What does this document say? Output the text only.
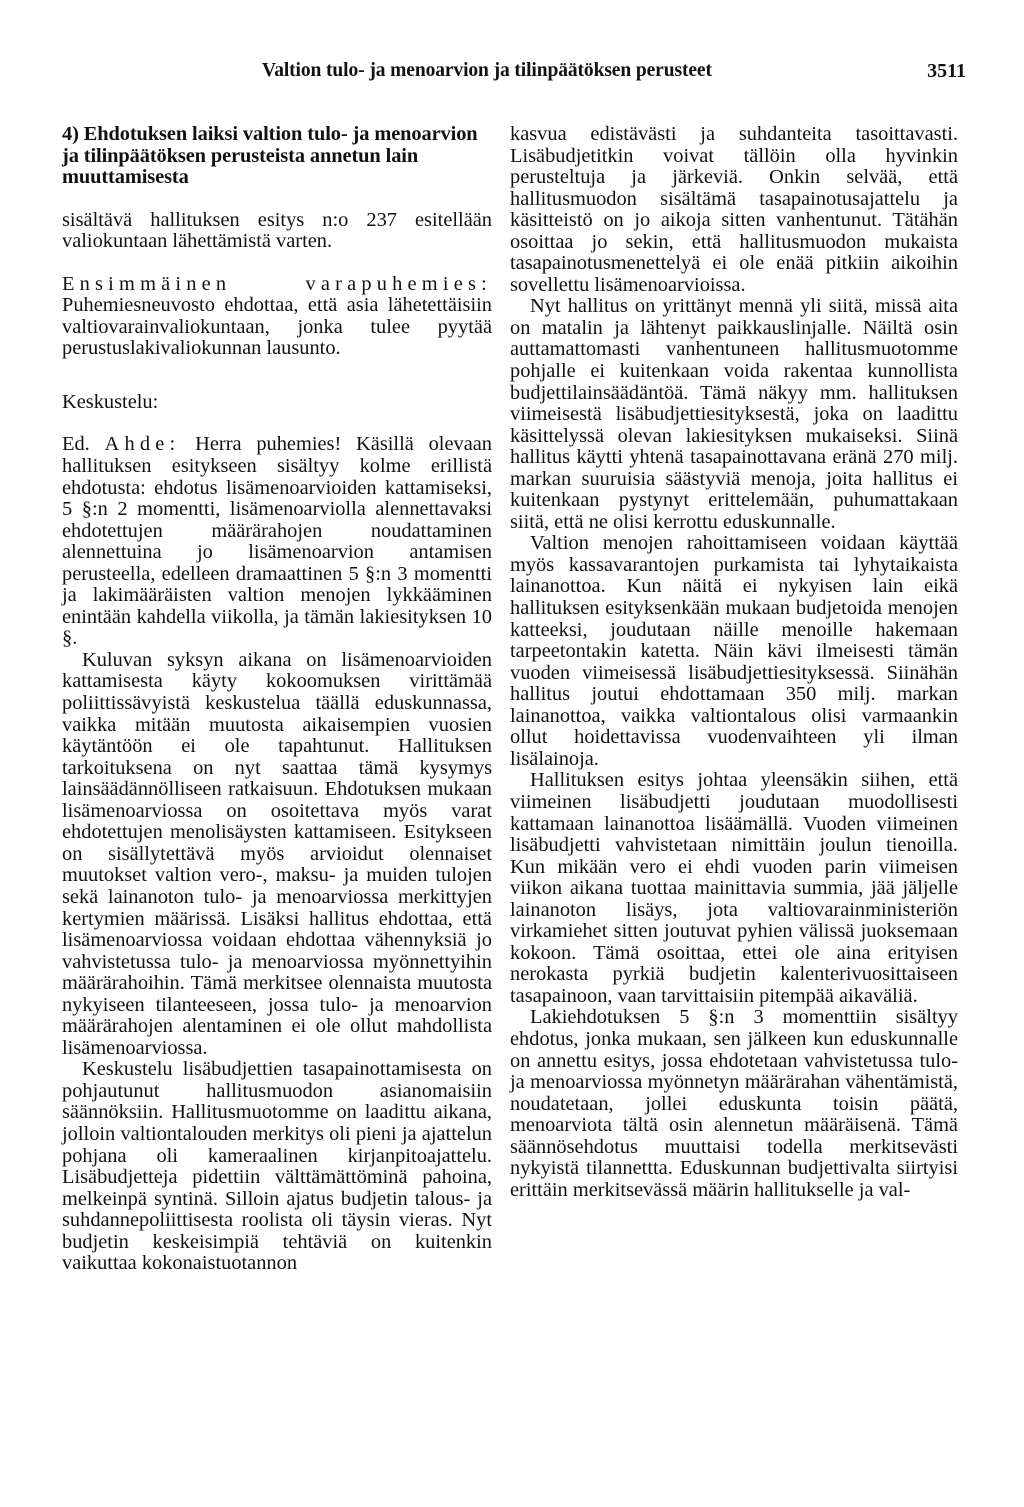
Valtion tulo- ja menoarvion ja tilinpäätöksen perusteet	3511

4) Ehdotuksen laiksi valtion tulo- ja menoarvion ja tilinpäätöksen perusteista annetun lain muuttamisesta

sisältävä hallituksen esitys n:o 237 esitellään valiokuntaan lähettämistä varten.

Ensimmäinen varapuhemies: Puhemiesneuvosto ehdottaa, että asia lähetettäisiin valtiovarainvaliokuntaan, jonka tulee pyytää perustuslakivaliokunnan lausunto.

Keskustelu:

Ed. Ahde: Herra puhemies! Käsillä olevaan hallituksen esitykseen sisältyy kolme erillistä ehdotusta: ehdotus lisämenoarvioiden kattamiseksi, 5 §:n 2 momentti, lisämenoarviolla alennettavaksi ehdotettujen määrärahojen noudattaminen alennettuina jo lisämenoarvion antamisen perusteella, edelleen dramaattinen 5 §:n 3 momentti ja lakimääräisten valtion menojen lykkääminen enintään kahdella viikolla, ja tämän lakiesityksen 10 §.

Kuluvan syksyn aikana on lisämenoarvioiden kattamisesta käyty kokoomuksen virittämää poliittissävyistä keskustelua täällä eduskunnassa, vaikka mitään muutosta aikaisempien vuosien käytäntöön ei ole tapahtunut. Hallituksen tarkoituksena on nyt saattaa tämä kysymys lainsäädännölliseen ratkaisuun. Ehdotuksen mukaan lisämenoarviossa on osoitettava myös varat ehdotettujen menolisäysten kattamiseen. Esitykseen on sisällytettävä myös arvioidut olennaiset muutokset valtion vero-, maksu- ja muiden tulojen sekä lainanoton tulo- ja menoarviossa merkittyjen kertymien määrissä. Lisäksi hallitus ehdottaa, että lisämenoarviossa voidaan ehdottaa vähennyksiä jo vahvistetussa tulo- ja menoarviossa myönnettyihin määrärahoihin. Tämä merkitsee olennaista muutosta nykyiseen tilanteeseen, jossa tulo- ja menoarvion määrärahojen alentaminen ei ole ollut mahdollista lisämenoarviossa.

Keskustelu lisäbudjettien tasapainottamisesta on pohjautunut hallitusmuodon asianomaisiin säännöksiin. Hallitusmuotomme on laadittu aikana, jolloin valtiontalouden merkitys oli pieni ja ajattelun pohjana oli kameraalinen kirjanpitoajattelu. Lisäbudjetteja pidettiin välttämättöminä pahoina, melkeinpä syntinä. Silloin ajatus budjetin talous- ja suhdannepoliittisesta roolista oli täysin vieras. Nyt budjetin keskeisimpiä tehtäviä on kuitenkin vaikuttaa kokonaistuotannon

kasvua edistävästi ja suhdanteita tasoittavasti. Lisäbudjetitkin voivat tällöin olla hyvinkin perusteltuja ja järkeviä. Onkin selvää, että hallitusmuodon sisältämä tasapainotusajattelu ja käsitteistö on jo aikoja sitten vanhentunut. Tätähän osoittaa jo sekin, että hallitusmuodon mukaista tasapainotusmenettelyä ei ole enää pitkiin aikoihin sovellettu lisämenoarvioissa.

Nyt hallitus on yrittänyt mennä yli siitä, missä aita on matalin ja lähtenyt paikkauslinjalle. Näiltä osin auttamattomasti vanhentuneen hallitusmuotomme pohjalle ei kuitenkaan voida rakentaa kunnollista budjettilainsäädäntöä. Tämä näkyy mm. hallituksen viimeisestä lisäbudjettiesityksestä, joka on laadittu käsittelyssä olevan lakiesityksen mukaiseksi. Siinä hallitus käytti yhtenä tasapainottavana eränä 270 milj. markan suuruisia säästyviä menoja, joita hallitus ei kuitenkaan pystynyt erittelemään, puhumattakaan siitä, että ne olisi kerrottu eduskunnalle.

Valtion menojen rahoittamiseen voidaan käyttää myös kassavarantojen purkamista tai lyhytaikaista lainanottoa. Kun näitä ei nykyisen lain eikä hallituksen esityksenkään mukaan budjetoida menojen katteeksi, joudutaan näille menoille hakemaan tarpeetontakin katetta. Näin kävi ilmeisesti tämän vuoden viimeisessä lisäbudjettiesityksessä. Siinähän hallitus joutui ehdottamaan 350 milj. markan lainanottoa, vaikka valtiontalous olisi varmaankin ollut hoidettavissa vuodenvaihteen yli ilman lisälainoja.

Hallituksen esitys johtaa yleensäkin siihen, että viimeinen lisäbudjetti joudutaan muodollisesti kattamaan lainanottoa lisäämällä. Vuoden viimeinen lisäbudjetti vahvistetaan nimittäin joulun tienoilla. Kun mikään vero ei ehdi vuoden parin viimeisen viikon aikana tuottaa mainittavia summia, jää jäljelle lainanoton lisäys, jota valtiovarainministeriön virkamiehet sitten joutuvat pyhien välissä juoksemaan kokoon. Tämä osoittaa, ettei ole aina erityisen nerokasta pyrkiä budjetin kalenterivuosittaiseen tasapainoon, vaan tarvittaisiin pitempää aikaväliä.

Lakiehdotuksen 5 §:n 3 momenttiin sisältyy ehdotus, jonka mukaan, sen jälkeen kun eduskunnalle on annettu esitys, jossa ehdotetaan vahvistetussa tulo- ja menoarviossa myönnetyn määrärahan vähentämistä, noudatetaan, jollei eduskunta toisin päätä, menoarviota tältä osin alennetun määräisenä. Tämä säännösehdotus muuttaisi todella merkitsevästi nykyistä tilannettta. Eduskunnan budjettivalta siirtyisi erittäin merkitsevässä määrin hallitukselle ja val-
